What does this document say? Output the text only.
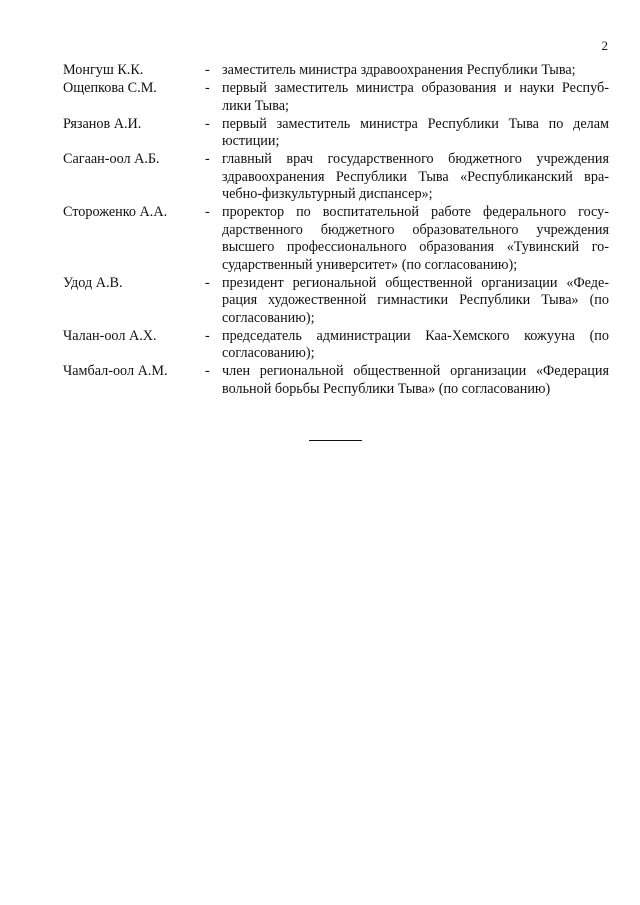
2
Монгуш К.К.	- заместитель министра здравоохранения Республики Тыва;
Ощепкова С.М.	- первый заместитель министра образования и науки Респуб- лики Тыва;
Рязанов А.И.	- первый заместитель министра Республики Тыва по делам юстиции;
Сагаан-оол А.Б.	- главный врач государственного бюджетного учреждения здравоохранения Республики Тыва «Республиканский вра-чебно-физкультурный диспансер»;
Стороженко А.А.	- проректор по воспитательной работе федерального госу-дарственного бюджетного образовательного учреждения высшего профессионального образования «Тувинский го-сударственный университет» (по согласованию);
Удод А.В.	- президент региональной общественной организации «Феде-рация художественной гимнастики Республики Тыва» (по согласованию);
Чалан-оол А.Х.	- председатель администрации Каа-Хемского кожууна (по согласованию);
Чамбал-оол А.М.	- член региональной общественной организации «Федерация вольной борьбы Республики Тыва» (по согласованию)
